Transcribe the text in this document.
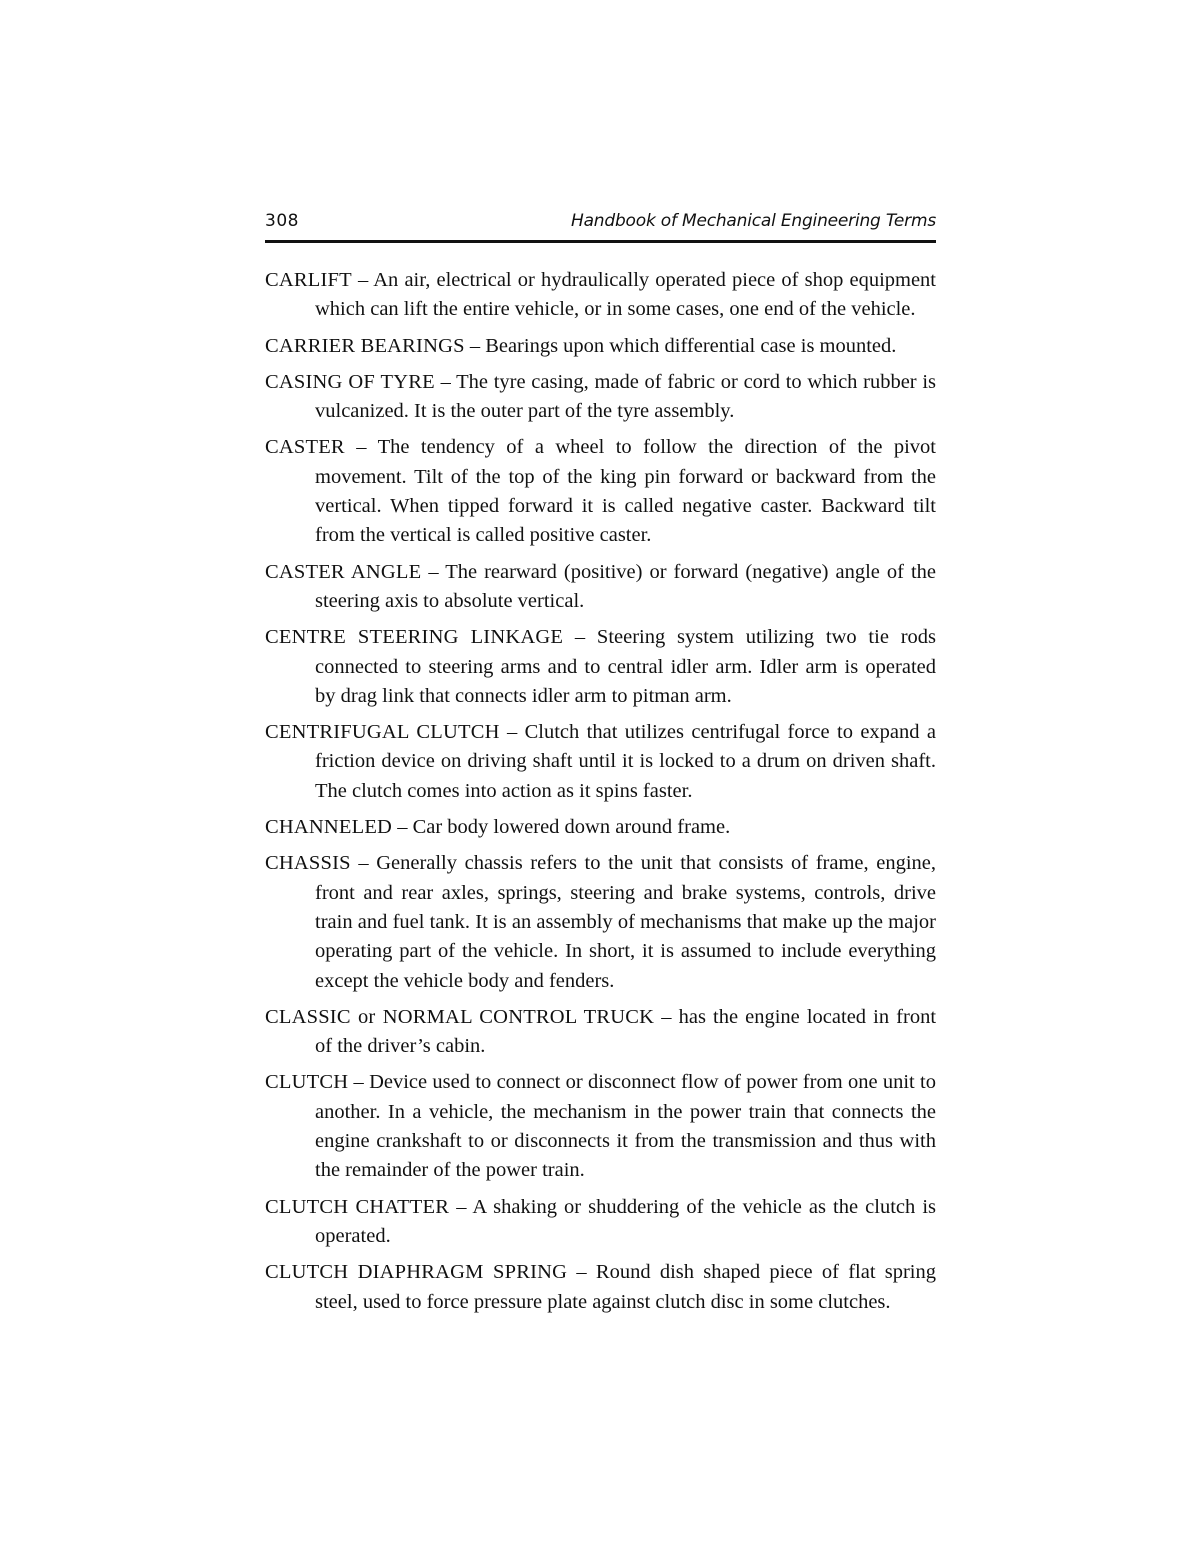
308	Handbook of Mechanical Engineering Terms

CARLIFT – An air, electrical or hydraulically operated piece of shop equipment which can lift the entire vehicle, or in some cases, one end of the vehicle.

CARRIER BEARINGS – Bearings upon which differential case is mounted.

CASING OF TYRE – The tyre casing, made of fabric or cord to which rubber is vulcanized. It is the outer part of the tyre assembly.

CASTER – The tendency of a wheel to follow the direction of the pivot movement. Tilt of the top of the king pin forward or backward from the vertical. When tipped forward it is called negative caster. Backward tilt from the vertical is called positive caster.

CASTER ANGLE – The rearward (positive) or forward (negative) angle of the steering axis to absolute vertical.

CENTRE STEERING LINKAGE – Steering system utilizing two tie rods connected to steering arms and to central idler arm. Idler arm is operated by drag link that connects idler arm to pitman arm.

CENTRIFUGAL CLUTCH – Clutch that utilizes centrifugal force to expand a friction device on driving shaft until it is locked to a drum on driven shaft. The clutch comes into action as it spins faster.

CHANNELED – Car body lowered down around frame.

CHASSIS – Generally chassis refers to the unit that consists of frame, engine, front and rear axles, springs, steering and brake systems, controls, drive train and fuel tank. It is an assembly of mechanisms that make up the major operating part of the vehicle. In short, it is assumed to include everything except the vehicle body and fenders.

CLASSIC or NORMAL CONTROL TRUCK – has the engine located in front of the driver’s cabin.

CLUTCH – Device used to connect or disconnect flow of power from one unit to another. In a vehicle, the mechanism in the power train that connects the engine crankshaft to or disconnects it from the transmission and thus with the remainder of the power train.

CLUTCH CHATTER – A shaking or shuddering of the vehicle as the clutch is operated.

CLUTCH DIAPHRAGM SPRING – Round dish shaped piece of flat spring steel, used to force pressure plate against clutch disc in some clutches.
